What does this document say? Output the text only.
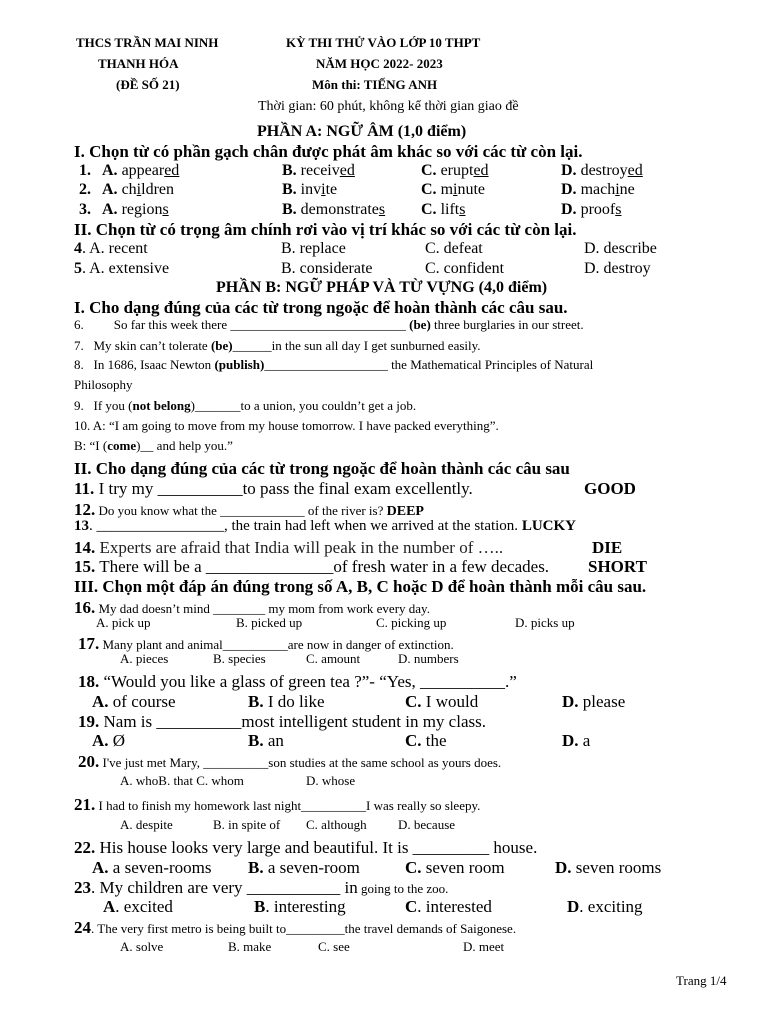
THCS TRẦN MAI NINH	KỲ THI THỬ VÀO LỚP 10 THPT
THANH HÓA	NĂM HỌC 2022- 2023
(ĐỀ SỐ 21)	Môn thi: TIẾNG ANH
Thời gian: 60 phút, không kể thời gian giao đề
PHẦN A: NGỮ ÂM (1,0 điểm)
I. Chọn từ có phần gạch chân được phát âm khác so với các từ còn lại.
1. A. appeared	B. received	C. erupted	D. destroyed
2. A. children	B. invite	C. minute	D. machine
3. A. regions	B. demonstrates C. lifts	D. proofs
II. Chọn từ có trọng âm chính rơi vào vị trí khác so với các từ còn lại.
4. A. recent	B. replace	C. defeat	D. describe
5. A. extensive	B. considerate	C. confident	D. destroy
PHẦN B: NGỮ PHÁP VÀ TỪ VỰNG (4,0 điểm)
I. Cho dạng đúng của các từ trong ngoặc để hoàn thành các câu sau.
6. So far this week there ___________________________ (be) three burglaries in our street.
7. My skin can’t tolerate (be)______in the sun all day I get sunburned easily.
8. In 1686, Isaac Newton (publish)___________________ the Mathematical Principles of Natural
Philosophy
9. If you (not belong)_______to a union, you couldn’t get a job.
10. A: “I am going to move from my house tomorrow. I have packed everything”.
B: “I (come)__ and help you.”
II. Cho dạng đúng của các từ trong ngoặc để hoàn thành các câu sau
11. I try my __________to pass the final exam excellently.	GOOD
12. Do you know what the _____________ of the river is? DEEP
13. _________________, the train had left when we arrived at the station. LUCKY
14. Experts are afraid that India will peak in the number of …..	DIE
15. There will be a _______________of fresh water in a few decades. SHORT
III. Chọn một đáp án đúng trong số A, B, C hoặc D để hoàn thành mỗi câu sau.
16. My dad doesn’t mind ________ my mom from work every day.
A. pick up	B. picked up	C. picking up	D. picks up
17. Many plant and animal__________are now in danger of extinction.
A. pieces	B. species	C. amount	D. numbers
18. “Would you like a glass of green tea ?”- “Yes, __________.”
A. of course	B. I do like	C. I would	D. please
19. Nam is __________most intelligent student in my class.
A. Ø	B. an	C. the	D. a
20. I've just met Mary, __________son studies at the same school as yours does.
A. whoB. that C. whom	D. whose
21. I had to finish my homework last night__________I was really so sleepy.
A. despite	B. in spite of C. although D. because
22. His house looks very large and beautiful. It is _________ house.
A. a seven-rooms B. a seven-room	C. seven room	D. seven rooms
23. My children are very ___________ in going to the zoo.
A. excited	B. interesting	C. interested	D. exciting
24. The very first metro is being built to_________the travel demands of Saigonese.
A. solve	B. make	C. see	D. meet
Trang 1/4
